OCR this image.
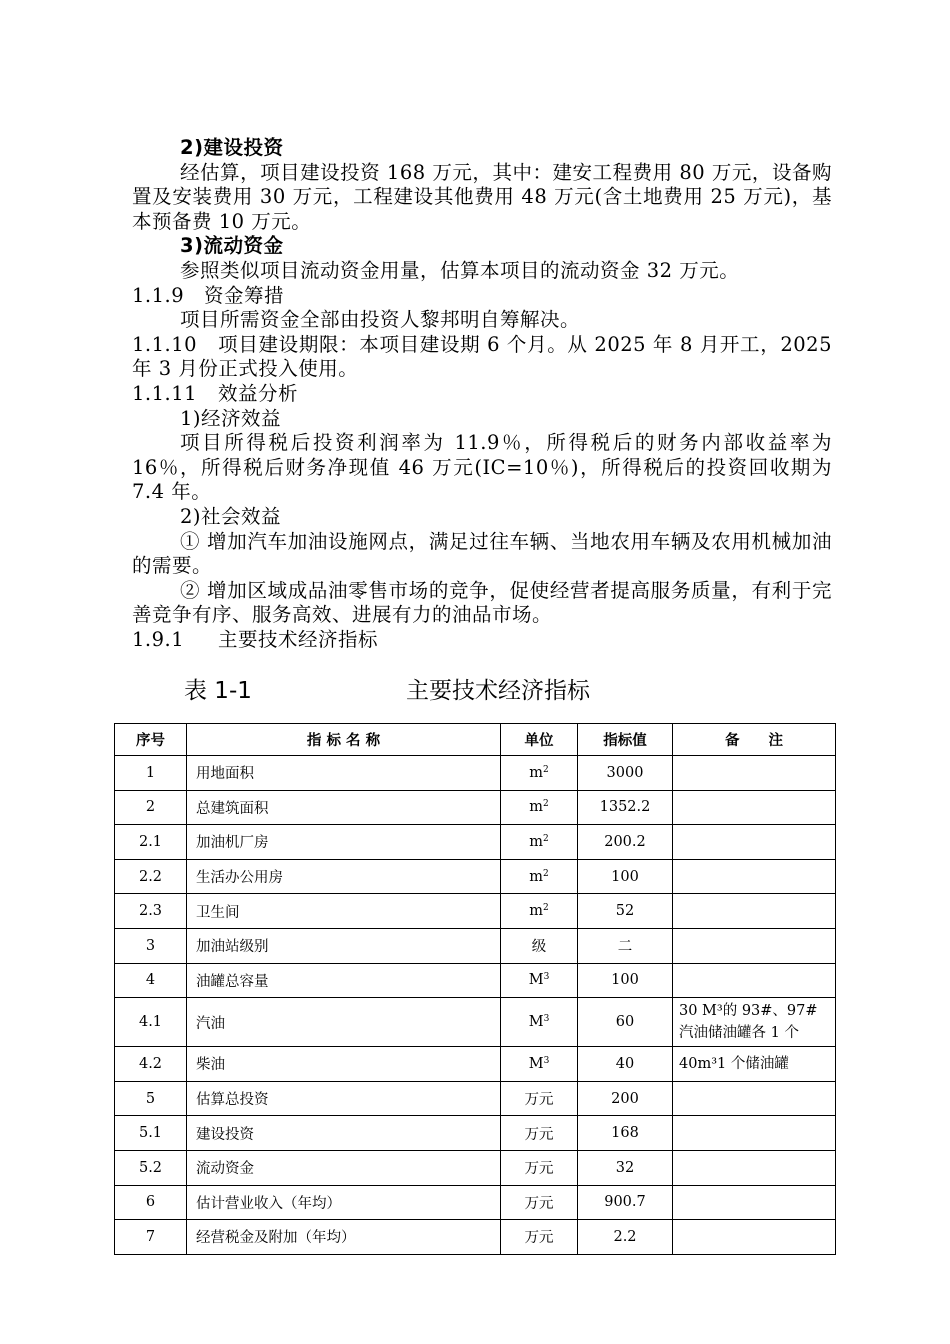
2)建设投资

经估算，项目建设投资 168 万元，其中：建安工程费用 80 万元，设备购置及安装费用 30 万元，工程建设其他费用 48 万元(含土地费用 25 万元)，基本预备费 10 万元。

3)流动资金

参照类似项目流动资金用量，估算本项目的流动资金 32 万元。

1.1.9 资金筹措

项目所需资金全部由投资人黎邦明自筹解决。

1.1.10 项目建设期限：本项目建设期 6 个月。从 2025 年 8 月开工，2025 年 3 月份正式投入使用。

1.1.11 效益分析

1)经济效益

项目所得税后投资利润率为 11.9％，所得税后的财务内部收益率为 16％，所得税后财务净现值 46 万元(IC=10％)，所得税后的投资回收期为 7.4 年。

2)社会效益

① 增加汽车加油设施网点，满足过往车辆、当地农用车辆及农用机械加油的需要。

② 增加区域成品油零售市场的竞争，促使经营者提高服务质量，有利于完善竞争有序、服务高效、进展有力的油品市场。

1.9.1 主要技术经济指标

表 1-1	主要技术经济指标
序号	指 标 名 称	单位	指标值	备　　注
1	用地面积	$m^2$	3000	
2	总建筑面积	$m^2$	1352.2	
2.1	加油机厂房	$m^2$	200.2	
2.2	生活办公用房	$m^2$	100	
2.3	卫生间	$m^2$	52	
3	加油站级别	级	二	
4	油罐总容量	$M^3$	100	
4.1	汽油	$M^3$	60	30 M³的 93#、97#汽油储油罐各 1 个
4.2	柴油	$M^3$	40	40m³1 个储油罐
5	估算总投资	万元	200	
5.1	建设投资	万元	168	
5.2	流动资金	万元	32	
6	估计营业收入（年均）	万元	900.7	
7	经营税金及附加（年均）	万元	2.2	
